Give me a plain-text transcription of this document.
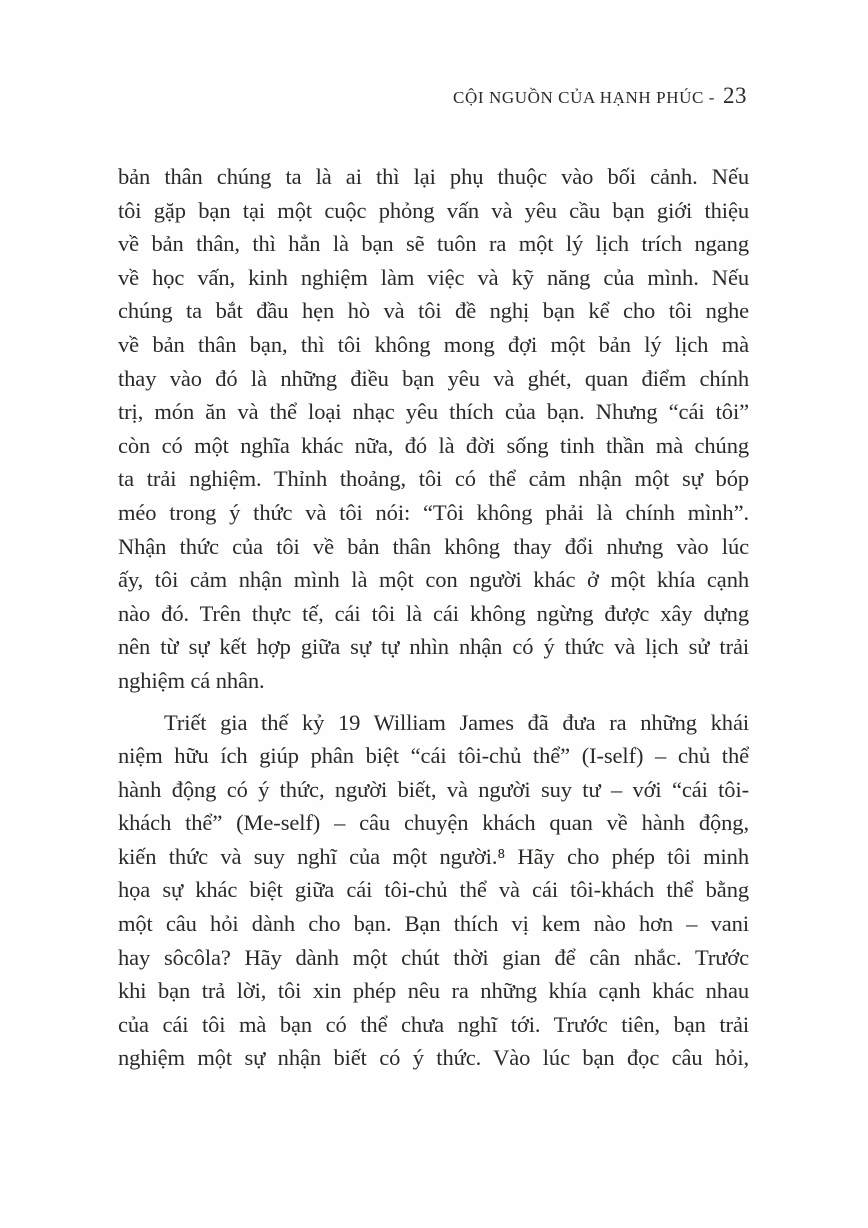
CỘI NGUỒN CỦA HẠNH PHÚC - 23
bản thân chúng ta là ai thì lại phụ thuộc vào bối cảnh. Nếu
tôi gặp bạn tại một cuộc phỏng vấn và yêu cầu bạn giới thiệu
về bản thân, thì hẳn là bạn sẽ tuôn ra một lý lịch trích ngang
về học vấn, kinh nghiệm làm việc và kỹ năng của mình. Nếu
chúng ta bắt đầu hẹn hò và tôi đề nghị bạn kể cho tôi nghe
về bản thân bạn, thì tôi không mong đợi một bản lý lịch mà
thay vào đó là những điều bạn yêu và ghét, quan điểm chính
trị, món ăn và thể loại nhạc yêu thích của bạn. Nhưng “cái tôi”
còn có một nghĩa khác nữa, đó là đời sống tinh thần mà chúng
ta trải nghiệm. Thỉnh thoảng, tôi có thể cảm nhận một sự bóp
méo trong ý thức và tôi nói: “Tôi không phải là chính mình”.
Nhận thức của tôi về bản thân không thay đổi nhưng vào lúc
ấy, tôi cảm nhận mình là một con người khác ở một khía cạnh
nào đó. Trên thực tế, cái tôi là cái không ngừng được xây dựng
nên từ sự kết hợp giữa sự tự nhìn nhận có ý thức và lịch sử trải
nghiệm cá nhân.
Triết gia thế kỷ 19 William James đã đưa ra những khái
niệm hữu ích giúp phân biệt “cái tôi-chủ thể” (I-self) – chủ thể
hành động có ý thức, người biết, và người suy tư – với “cái tôi-
khách thể” (Me-self) – câu chuyện khách quan về hành động,
kiến thức và suy nghĩ của một người.⁸ Hãy cho phép tôi minh
họa sự khác biệt giữa cái tôi-chủ thể và cái tôi-khách thể bằng
một câu hỏi dành cho bạn. Bạn thích vị kem nào hơn – vani
hay sôcôla? Hãy dành một chút thời gian để cân nhắc. Trước
khi bạn trả lời, tôi xin phép nêu ra những khía cạnh khác nhau
của cái tôi mà bạn có thể chưa nghĩ tới. Trước tiên, bạn trải
nghiệm một sự nhận biết có ý thức. Vào lúc bạn đọc câu hỏi,
